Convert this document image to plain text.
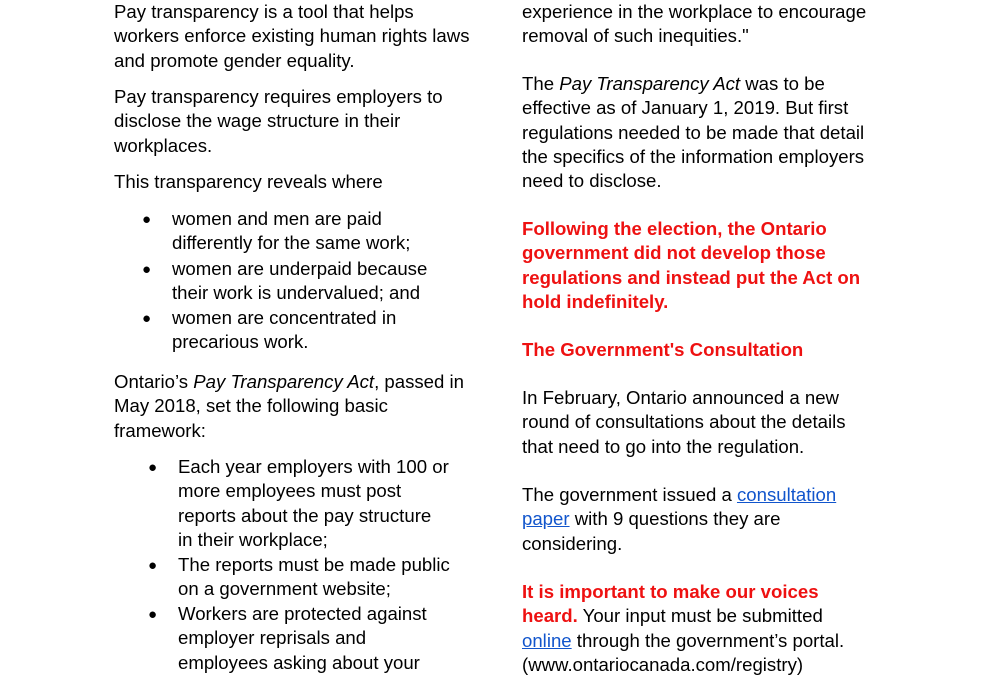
Pay transparency is a tool that helps workers enforce existing human rights laws and promote gender equality.

Pay transparency requires employers to disclose the wage structure in their workplaces.

This transparency reveals where

● women and men are paid differently for the same work;
● women are underpaid because their work is undervalued; and
● women are concentrated in precarious work.

Ontario’s Pay Transparency Act, passed in May 2018, set the following basic framework:

● Each year employers with 100 or more employees must post reports about the pay structure in their workplace;
● The reports must be made public on a government website;
● Workers are protected against employer reprisals and employees asking about your

experience in the workplace to encourage removal of such inequities."

The Pay Transparency Act was to be effective as of January 1, 2019. But first regulations needed to be made that detail the specifics of the information employers need to disclose.

Following the election, the Ontario government did not develop those regulations and instead put the Act on hold indefinitely.

The Government's Consultation

In February, Ontario announced a new round of consultations about the details that need to go into the regulation.

The government issued a consultation paper with 9 questions they are considering.

It is important to make our voices heard. Your input must be submitted online through the government’s portal.
(www.ontariocanada.com/registry)
